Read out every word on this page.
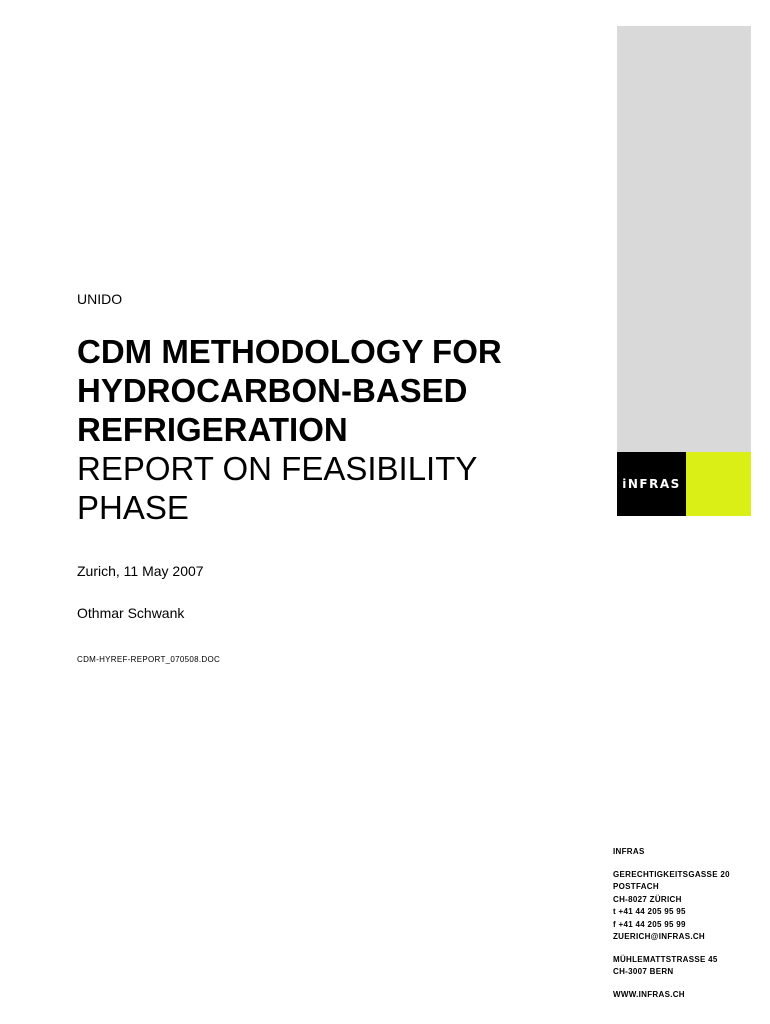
iNFRAS
UNIDO
CDM METHODOLOGY FOR
HYDROCARBON-BASED
REFRIGERATION
REPORT ON FEASIBILITY
PHASE
Zurich, 11 May 2007
Othmar Schwank
CDM-HYREF-REPORT_070508.DOC
INFRAS
GERECHTIGKEITSGASSE 20
POSTFACH
CH-8027 ZÜRICH
t +41 44 205 95 95
f +41 44 205 95 99
ZUERICH@INFRAS.CH
MÜHLEMATTSTRASSE 45
CH-3007 BERN
WWW.INFRAS.CH
